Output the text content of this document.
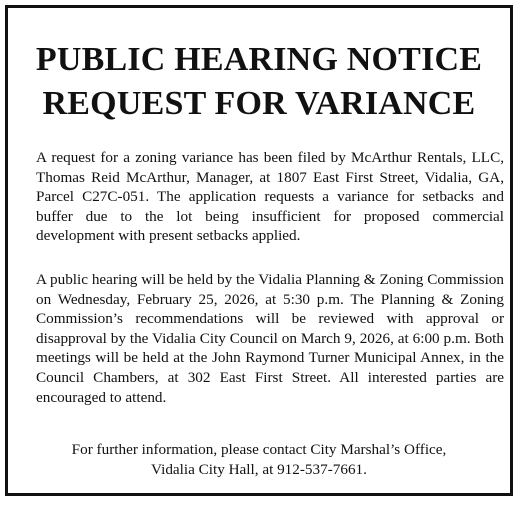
PUBLIC HEARING NOTICE
REQUEST FOR VARIANCE

A request for a zoning variance has been filed by McArthur Rentals, LLC, Thomas Reid McArthur, Manager, at 1807 East First Street, Vidalia, GA, Parcel C27C-051. The application requests a variance for setbacks and buffer due to the lot being insufficient for proposed commercial development with present setbacks applied.

A public hearing will be held by the Vidalia Planning & Zoning Commission on Wednesday, February 25, 2026, at 5:30 p.m. The Planning & Zoning Commission’s recommendations will be reviewed with approval or disapproval by the Vidalia City Council on March 9, 2026, at 6:00 p.m. Both meetings will be held at the John Raymond Turner Municipal Annex, in the Council Chambers, at 302 East First Street. All interested parties are encouraged to attend.

For further information, please contact City Marshal’s Office,
Vidalia City Hall, at 912-537-7661.
